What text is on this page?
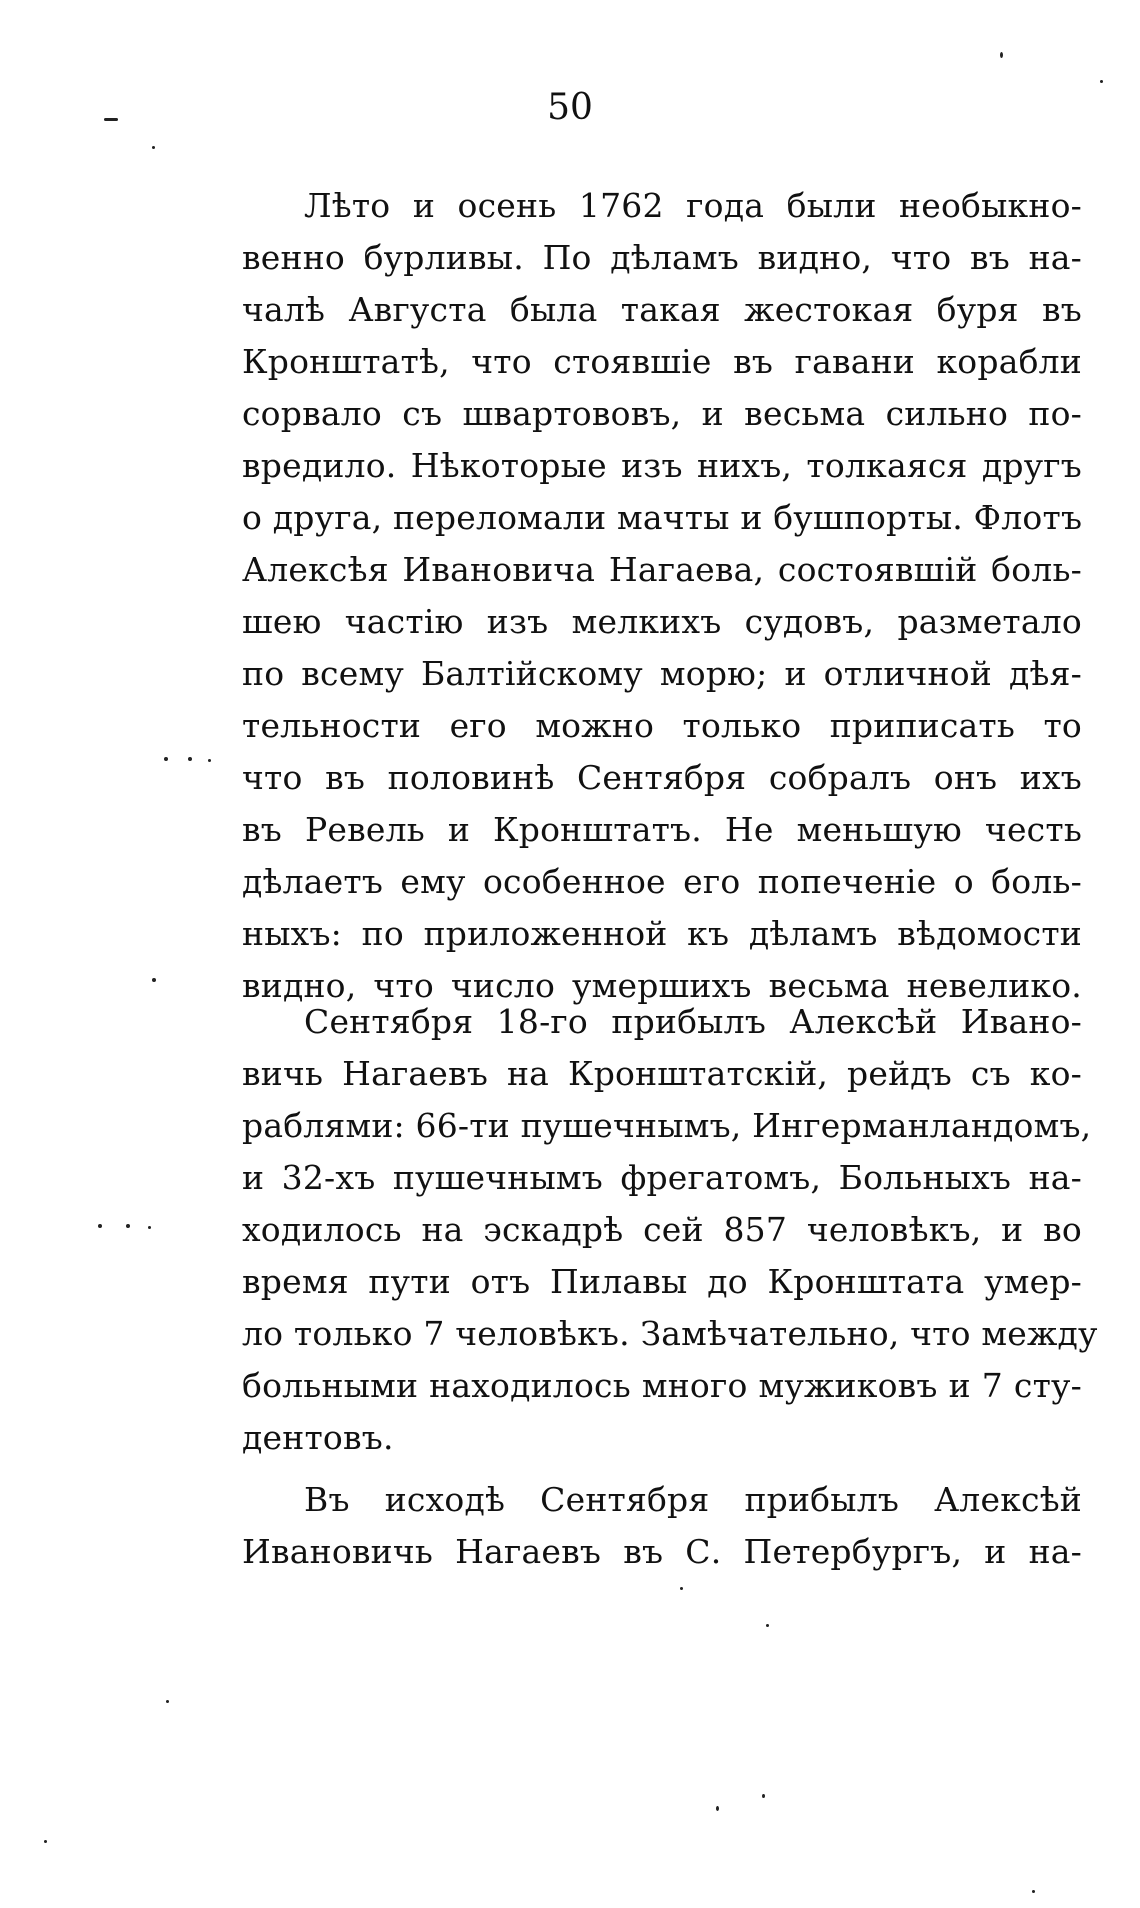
50
Лѣто и осень 1762 года были необыкно-
венно бурливы. По дѣламъ видно, что въ на-
чалѣ Августа была такая жестокая буря въ
Кронштатѣ, что стоявшіе въ гавани корабли
сорвало съ швартововъ, и весьма сильно по-
вредило. Нѣкоторые изъ нихъ, толкаяся другъ
о друга, переломали мачты и бушпорты. Флотъ
Алексѣя Ивановича Нагаева, состоявшій боль-
шею частію изъ мелкихъ судовъ, разметало
по всему Балтійскому морю; и отличной дѣя-
тельности его можно только приписать то
что въ половинѣ Сентября собралъ онъ ихъ
въ Ревель и Кронштатъ. Не меньшую честь
дѣлаетъ ему особенное его попеченіе о боль-
ныхъ: по приложенной къ дѣламъ вѣдомости
видно, что число умершихъ весьма невелико.
Сентября 18-го прибылъ Алексѣй Ивано-
вичь Нагаевъ на Кронштатскій, рейдъ съ ко-
раблями: 66-ти пушечнымъ, Ингерманландомъ,
и 32-хъ пушечнымъ фрегатомъ, Больныхъ на-
ходилось на эскадрѣ сей 857 человѣкъ, и во
время пути отъ Пилавы до Кронштата умер-
ло только 7 человѣкъ. Замѣчательно, что между
больными находилось много мужиковъ и 7 сту-
дентовъ.
Въ исходѣ Сентября прибылъ Алексѣй
Ивановичь Нагаевъ въ С. Петербургъ, и на-
